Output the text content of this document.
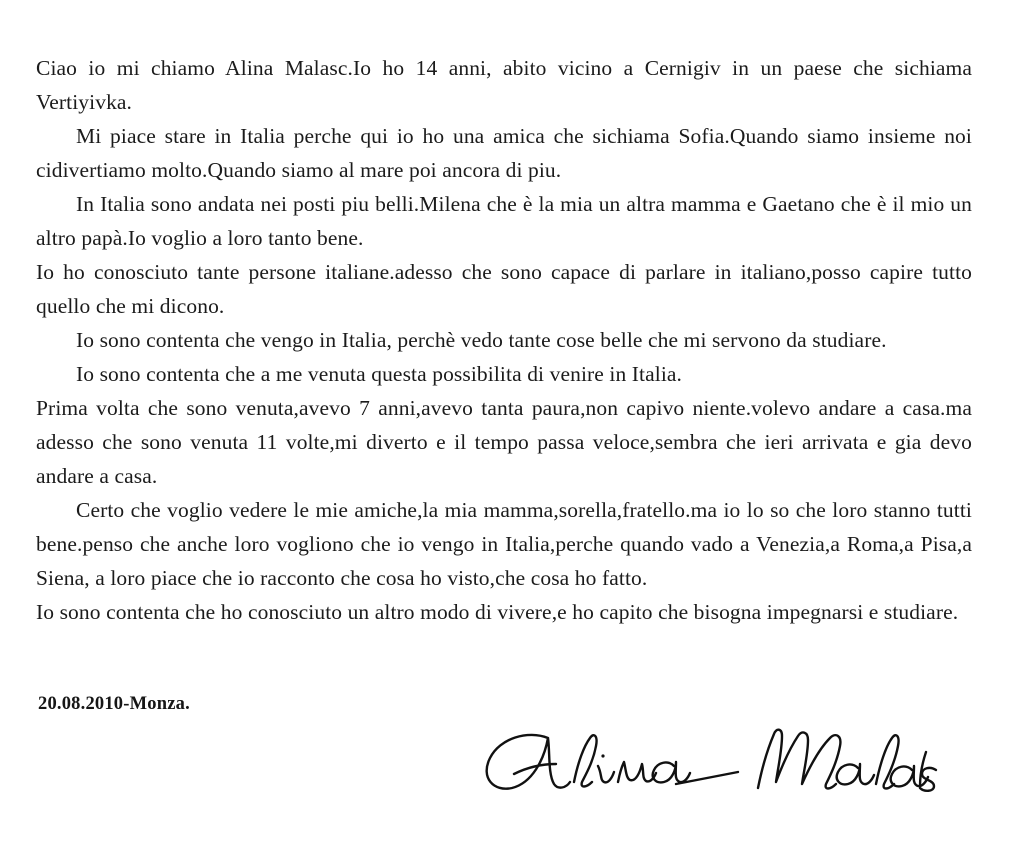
Ciao io mi chiamo Alina Malasc.Io ho 14 anni, abito vicino a Cernigiv in un paese che sichiama Vertiyivka.

Mi piace stare in Italia perche qui io ho una amica che sichiama Sofia.Quando siamo insieme noi cidivertiamo molto.Quando siamo al mare poi ancora di piu.

In Italia sono andata nei posti piu belli.Milena che è la mia un altra mamma e Gaetano che è il mio un altro papà.Io voglio a loro tanto bene.

Io ho conosciuto tante persone italiane.adesso che sono capace di parlare in italiano,posso capire tutto quello che mi dicono.

Io sono contenta che vengo in Italia, perchè vedo tante cose belle che mi servono da studiare.

Io sono contenta che a me venuta questa possibilita di venire in Italia.

Prima volta che sono venuta,avevo 7 anni,avevo tanta paura,non capivo niente.volevo andare a casa.ma adesso che sono venuta 11 volte,mi diverto e il tempo passa veloce,sembra che ieri arrivata e gia devo andare a casa.

Certo che voglio vedere le mie amiche,la mia mamma,sorella,fratello.ma io lo so che loro stanno tutti bene.penso che anche loro vogliono che io vengo in Italia,perche quando vado a Venezia,a Roma,a Pisa,a Siena, a loro piace che io racconto che cosa ho visto,che cosa ho fatto.

Io sono contenta che ho conosciuto un altro modo di vivere,e ho capito che bisogna impegnarsi e studiare.

20.08.2010-Monza.
